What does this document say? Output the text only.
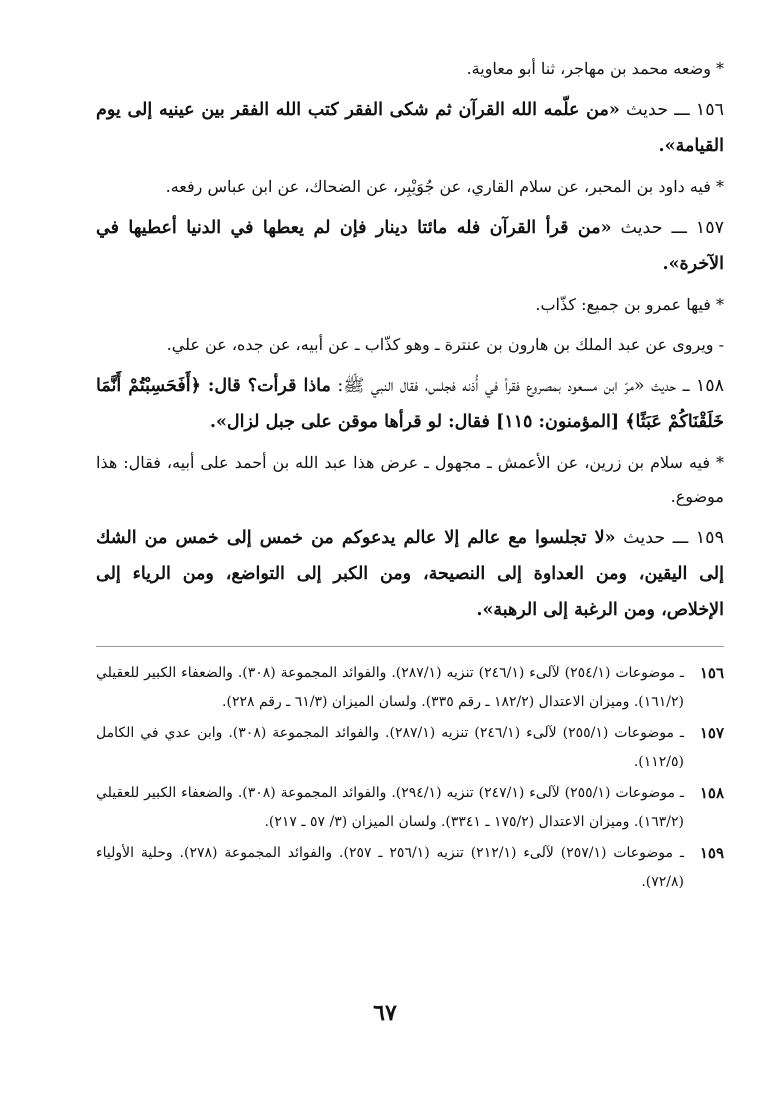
* وضعه محمد بن مهاجر، ثنا أبو معاوية.

١٥٦ ـــ حديث «من علّمه الله القرآن ثم شكى الفقر كتب الله الفقر بين عينيه إلى يوم القيامة».

* فيه داود بن المحبر، عن سلام القاري، عن جُوَيْبِر، عن الضحاك، عن ابن عباس رفعه.

١٥٧ ـــ حديث «من قرأ القرآن فله مائتا دينار فإن لم يعطها في الدنيا أعطيها في الآخرة».

* فيها عمرو بن جميع: كذّاب.

- ويروى عن عبد الملك بن هارون بن عنترة ـ وهو كذّاب ـ عن أبيه، عن جده، عن علي.

١٥٨ ـــ حديث «مرّ ابن مسعود بمصروع فقرأ في أُذنه فجلس، فقال النبي ﷺ: ماذا قرأت؟ قال: ﴿أَفَحَسِبْتُمْ أَنَّمَا خَلَقْنَاكُمْ عَبَثًا﴾ [المؤمنون: ١١٥] فقال: لو قرأها موقن على جبل لزال».

* فيه سلام بن زرين، عن الأعمش ـ مجهول ـ عرض هذا عبد الله بن أحمد على أبيه، فقال: هذا موضوع.

١٥٩ ـــ حديث «لا تجلسوا مع عالم إلا عالم يدعوكم من خمس إلى خمس من الشك إلى اليقين، ومن العداوة إلى النصيحة، ومن الكبر إلى التواضع، ومن الرياء إلى الإخلاص، ومن الرغبة إلى الرهبة».

١٥٦
ـ موضوعات (٢٥٤/١) لآلىء (٢٤٦/١) تنزيه (٢٨٧/١). والفوائد المجموعة (٣٠٨). والضعفاء الكبير للعقيلي (١٦١/٢). وميزان الاعتدال (١٨٢/٢ ـ رقم ٣٣٥). ولسان الميزان (٦١/٣ ـ رقم ٢٢٨).

١٥٧
ـ موضوعات (٢٥٥/١) لآلىء (٢٤٦/١) تنزيه (٢٨٧/١). والفوائد المجموعة (٣٠٨). وابن عدي في الكامل (١١٢/٥).

١٥٨
ـ موضوعات (٢٥٥/١) لآلىء (٢٤٧/١) تنزيه (٢٩٤/١). والفوائد المجموعة (٣٠٨). والضعفاء الكبير للعقيلي (١٦٣/٢). وميزان الاعتدال (١٧٥/٢ ـ ٣٣٤١). ولسان الميزان (٣/ ٥٧ ـ ٢١٧).

١٥٩
ـ موضوعات (٢٥٧/١) لآلىء (٢١٢/١) تنزيه (٢٥٦/١ ـ ٢٥٧). والفوائد المجموعة (٢٧٨). وحلية الأولياء (٧٢/٨).

٦٧
